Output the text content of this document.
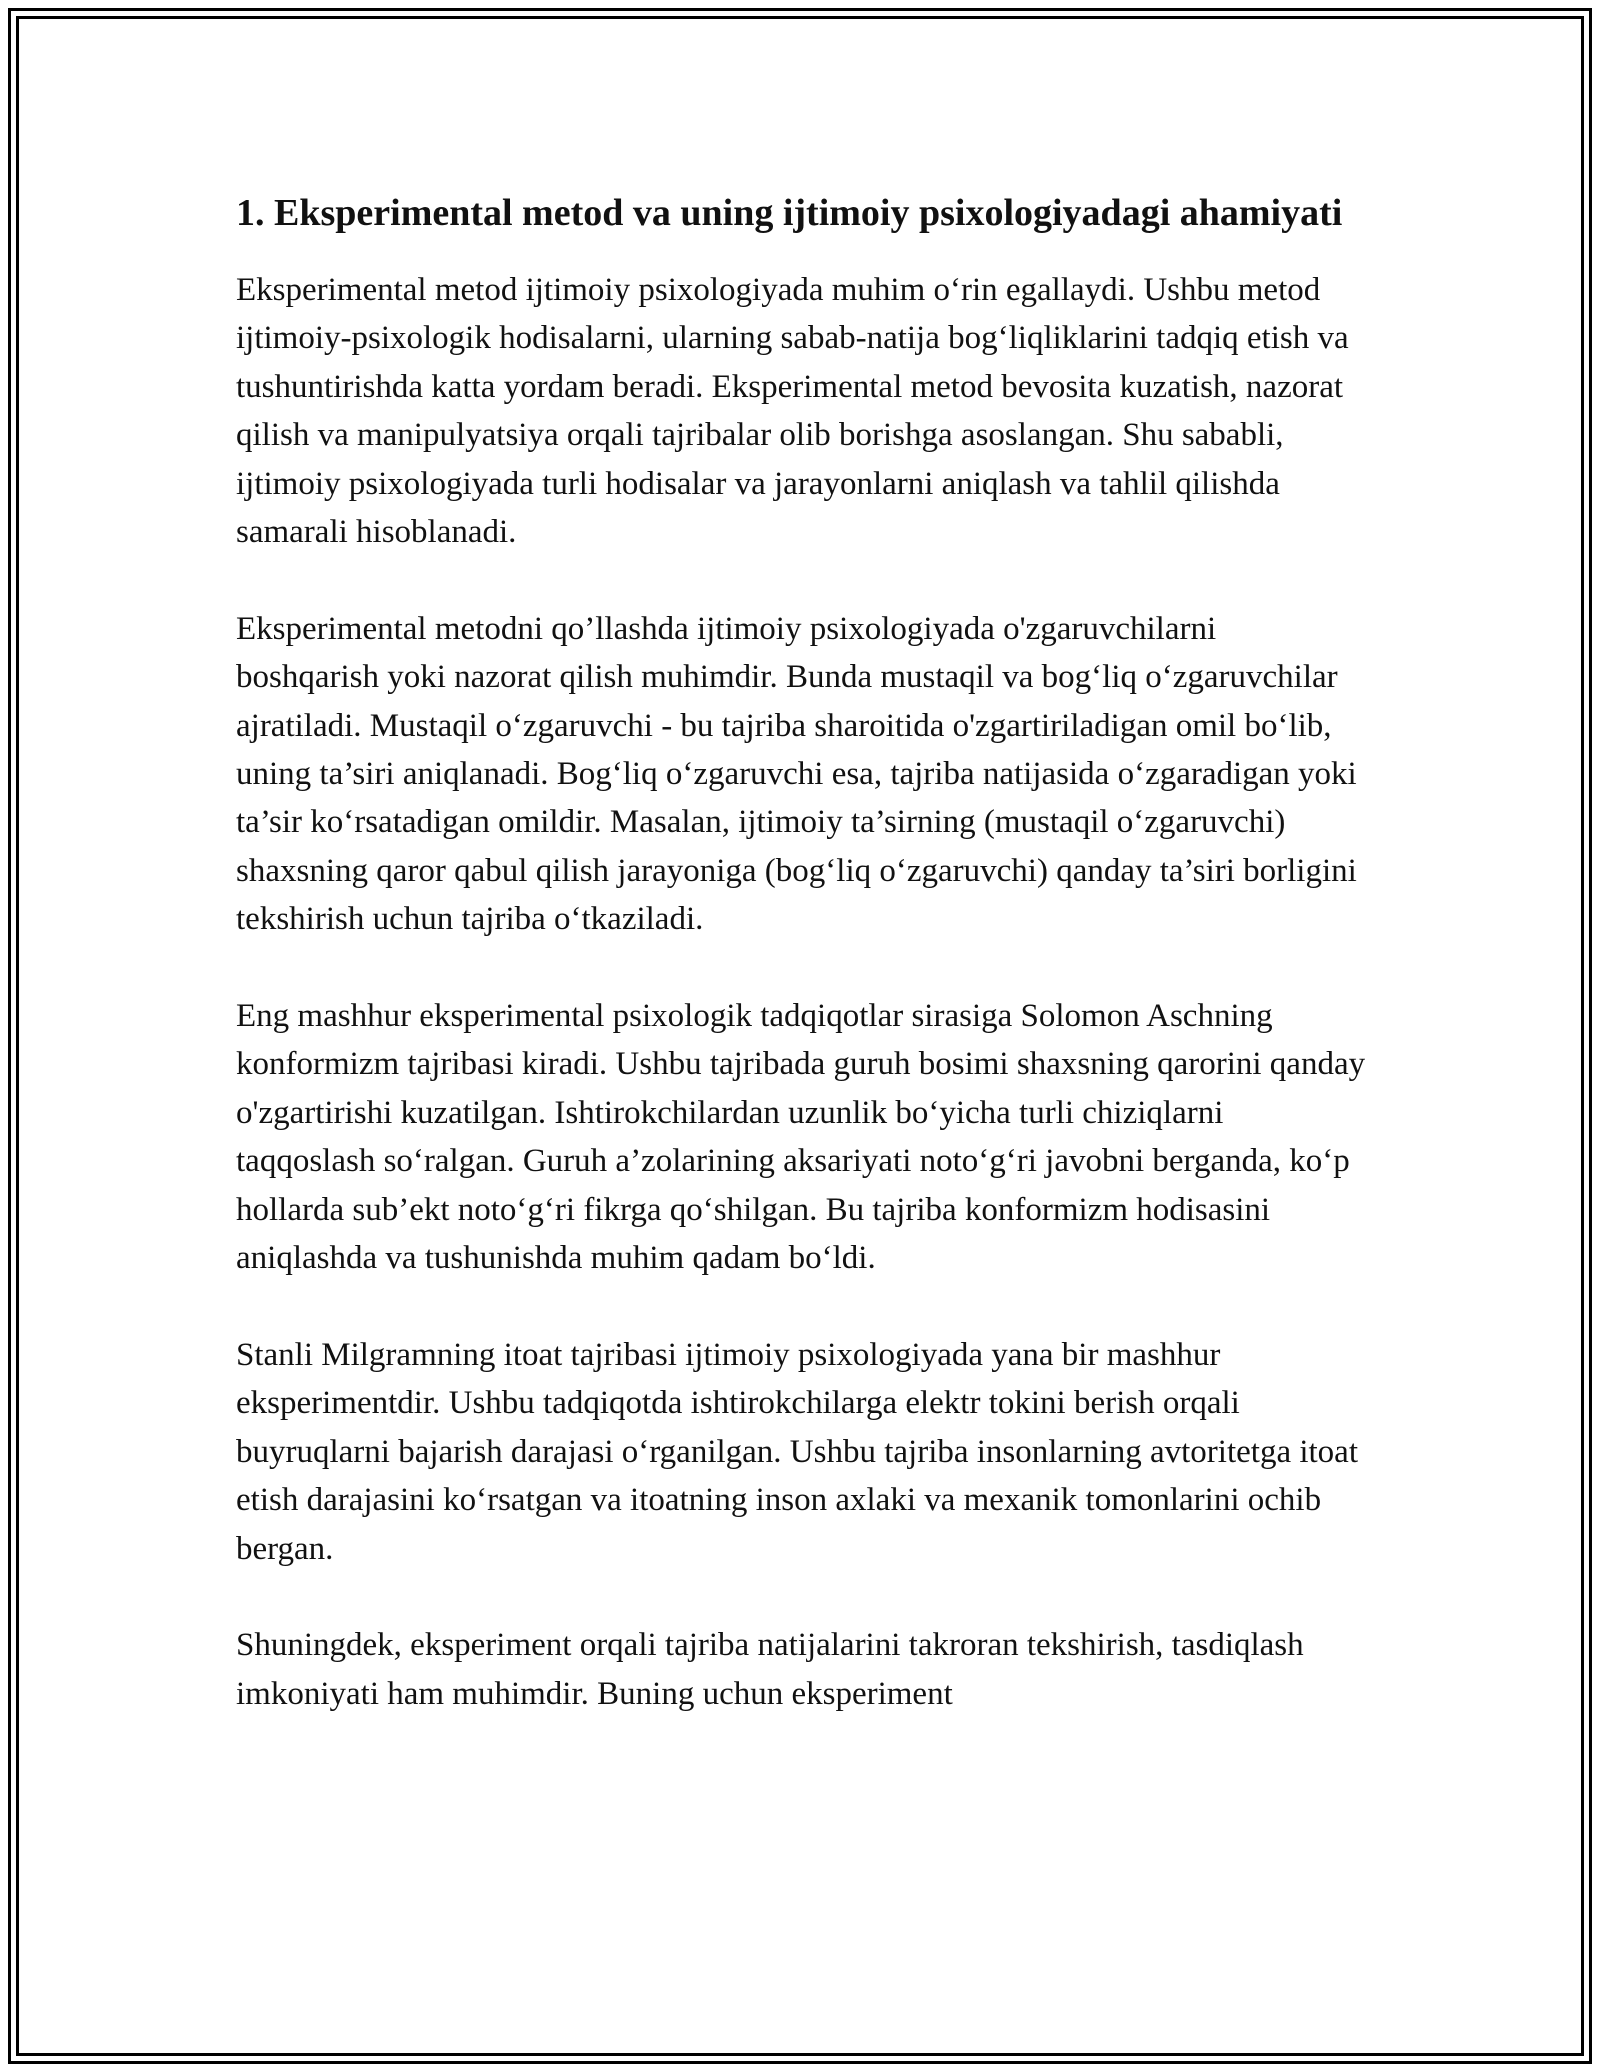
1. Eksperimental metod va uning ijtimoiy psixologiyadagi ahamiyati

Eksperimental metod ijtimoiy psixologiyada muhim o‘rin egallaydi. Ushbu metod ijtimoiy-psixologik hodisalarni, ularning sabab-natija bog‘liqliklarini tadqiq etish va tushuntirishda katta yordam beradi. Eksperimental metod bevosita kuzatish, nazorat qilish va manipulyatsiya orqali tajribalar olib borishga asoslangan. Shu sababli, ijtimoiy psixologiyada turli hodisalar va jarayonlarni aniqlash va tahlil qilishda samarali hisoblanadi.

Eksperimental metodni qo’llashda ijtimoiy psixologiyada o'zgaruvchilarni boshqarish yoki nazorat qilish muhimdir. Bunda mustaqil va bog‘liq o‘zgaruvchilar ajratiladi. Mustaqil o‘zgaruvchi - bu tajriba sharoitida o'zgartiriladigan omil bo‘lib, uning ta’siri aniqlanadi. Bog‘liq o‘zgaruvchi esa, tajriba natijasida o‘zgaradigan yoki ta’sir ko‘rsatadigan omildir. Masalan, ijtimoiy ta’sirning (mustaqil o‘zgaruvchi) shaxsning qaror qabul qilish jarayoniga (bog‘liq o‘zgaruvchi) qanday ta’siri borligini tekshirish uchun tajriba o‘tkaziladi.

Eng mashhur eksperimental psixologik tadqiqotlar sirasiga Solomon Aschning konformizm tajribasi kiradi. Ushbu tajribada guruh bosimi shaxsning qarorini qanday o'zgartirishi kuzatilgan. Ishtirokchilardan uzunlik bo‘yicha turli chiziqlarni taqqoslash so‘ralgan. Guruh a’zolarining aksariyati noto‘g‘ri javobni berganda, ko‘p hollarda sub’ekt noto‘g‘ri fikrga qo‘shilgan. Bu tajriba konformizm hodisasini aniqlashda va tushunishda muhim qadam bo‘ldi.

Stanli Milgramning itoat tajribasi ijtimoiy psixologiyada yana bir mashhur eksperimentdir. Ushbu tadqiqotda ishtirokchilarga elektr tokini berish orqali buyruqlarni bajarish darajasi o‘rganilgan. Ushbu tajriba insonlarning avtoritetga itoat etish darajasini ko‘rsatgan va itoatning inson axlaki va mexanik tomonlarini ochib bergan.

Shuningdek, eksperiment orqali tajriba natijalarini takroran tekshirish, tasdiqlash imkoniyati ham muhimdir. Buning uchun eksperiment
